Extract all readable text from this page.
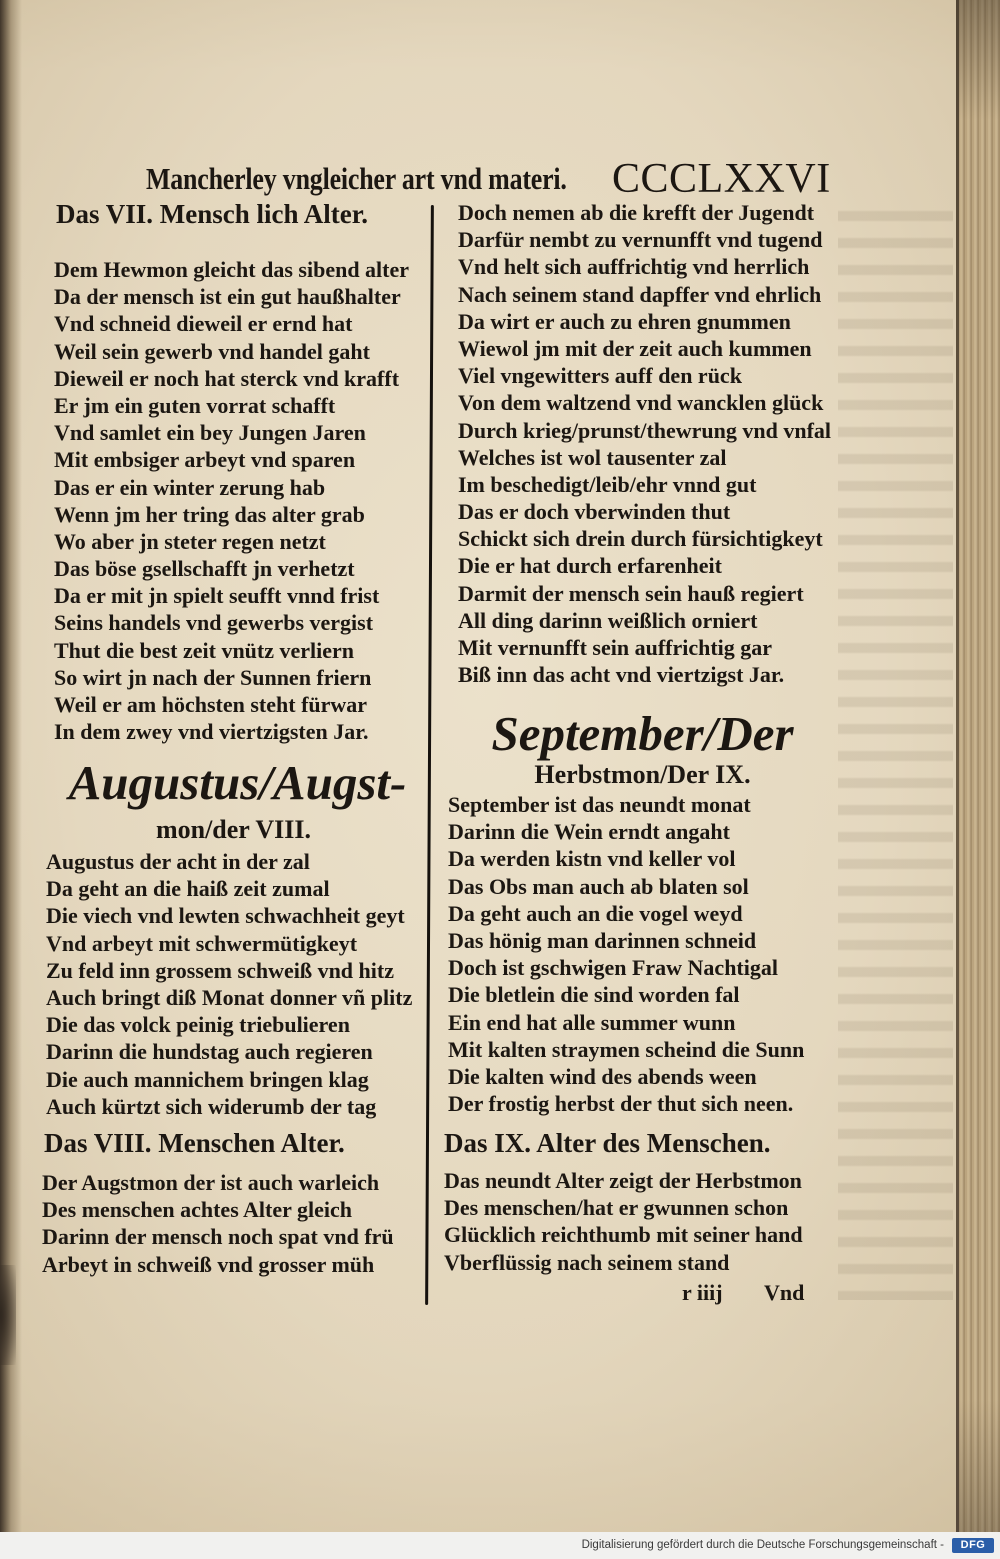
Mancherley vngleicher art vnd materi. CCCLXXVI
Das VII. Mensch lich Alter.
Dem Hewmon gleicht das sibend alter
Da der mensch ist ein gut haußhalter
Vnd schneid dieweil er ernd hat
Weil sein gewerb vnd handel gaht
Dieweil er noch hat sterck vnd krafft
Er jm ein guten vorrat schafft
Vnd samlet ein bey Jungen Jaren
Mit embsiger arbeyt vnd sparen
Das er ein winter zerung hab
Wenn jm her tring das alter grab
Wo aber jn steter regen netzt
Das böse gsellschafft jn verhetzt
Da er mit jn spielt seufft vnnd frist
Seins handels vnd gewerbs vergist
Thut die best zeit vnütz verliern
So wirt jn nach der Sunnen friern
Weil er am höchsten steht fürwar
In dem zwey vnd viertzigsten Jar.
Augustus/Augst-
mon/der VIII.
Augustus der acht in der zal
Da geht an die haiß zeit zumal
Die viech vnd lewten schwachheit geyt
Vnd arbeyt mit schwermütigkeyt
Zu feld inn grossem schweiß vnd hitz
Auch bringt diß Monat donner vñ plitz
Die das volck peinig triebulieren
Darinn die hundstag auch regieren
Die auch mannichem bringen klag
Auch kürtzt sich widerumb der tag
Das VIII. Menschen Alter.
Der Augstmon der ist auch warleich
Des menschen achtes Alter gleich
Darinn der mensch noch spat vnd frü
Arbeyt in schweiß vnd grosser müh
Doch nemen ab die krefft der Jugendt
Darfür nembt zu vernunfft vnd tugend
Vnd helt sich auffrichtig vnd herrlich
Nach seinem stand dapffer vnd ehrlich
Da wirt er auch zu ehren gnummen
Wiewol jm mit der zeit auch kummen
Viel vngewitters auff den rück
Von dem waltzend vnd wancklen glück
Durch krieg/prunst/thewrung vnd vnfal
Welches ist wol tausenter zal
Im beschedigt/leib/ehr vnnd gut
Das er doch vberwinden thut
Schickt sich drein durch fürsichtigkeyt
Die er hat durch erfarenheit
Darmit der mensch sein hauß regiert
All ding darinn weißlich orniert
Mit vernunfft sein auffrichtig gar
Biß inn das acht vnd viertzigst Jar.
September/Der
Herbstmon/Der IX.
September ist das neundt monat
Darinn die Wein erndt angaht
Da werden kistn vnd keller vol
Das Obs man auch ab blaten sol
Da geht auch an die vogel weyd
Das hönig man darinnen schneid
Doch ist gschwigen Fraw Nachtigal
Die bletlein die sind worden fal
Ein end hat alle summer wunn
Mit kalten straymen scheind die Sunn
Die kalten wind des abends ween
Der frostig herbst der thut sich neen.
Das IX. Alter des Menschen.
Das neundt Alter zeigt der Herbstmon
Des menschen/hat er gwunnen schon
Glücklich reichthumb mit seiner hand
Vberflüssig nach seinem stand
r iiij Vnd
Digitalisierung gefördert durch die Deutsche Forschungsgemeinschaft -	DFG
